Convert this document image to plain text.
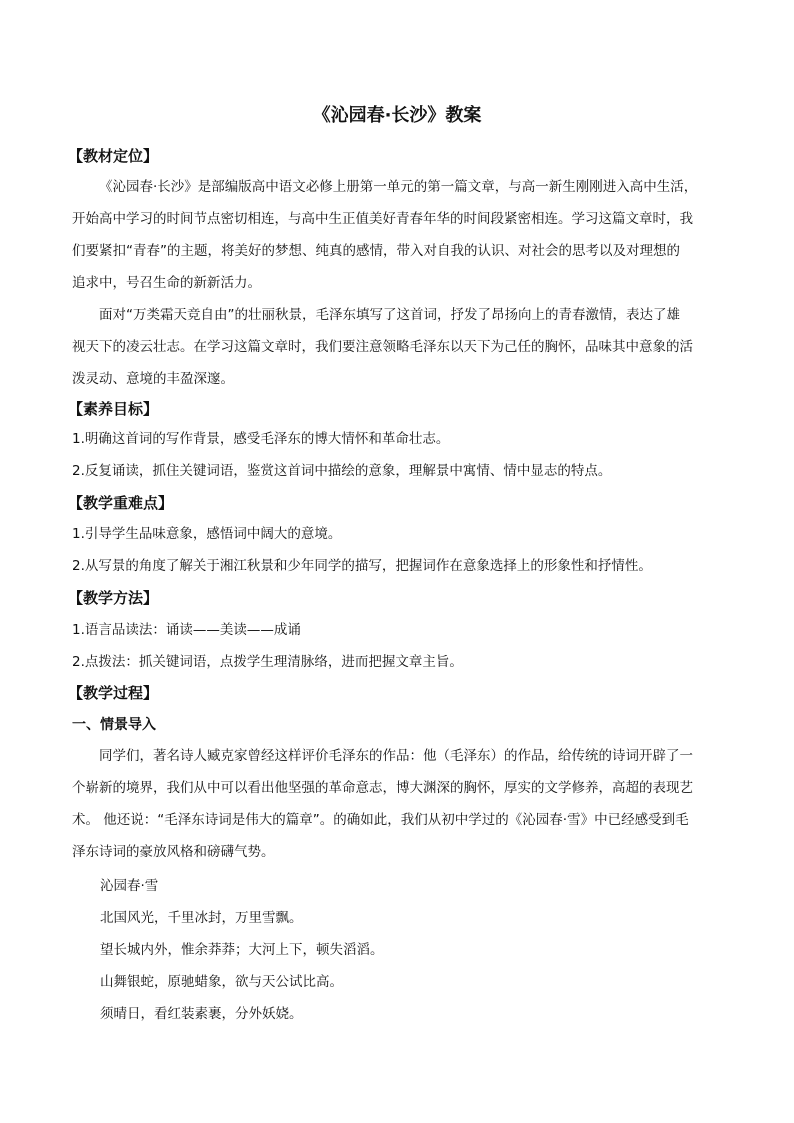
《沁园春·长沙》教案
【教材定位】
《沁园春·长沙》是部编版高中语文必修上册第一单元的第一篇文章，与高一新生刚刚进入高中生活，
开始高中学习的时间节点密切相连，与高中生正值美好青春年华的时间段紧密相连。学习这篇文章时，我
们要紧扣“青春”的主题，将美好的梦想、纯真的感情，带入对自我的认识、对社会的思考以及对理想的
追求中，号召生命的新新活力。
面对“万类霜天竞自由”的壮丽秋景，毛泽东填写了这首词，抒发了昂扬向上的青春激情，表达了雄
视天下的凌云壮志。在学习这篇文章时，我们要注意领略毛泽东以天下为己任的胸怀，品味其中意象的活
泼灵动、意境的丰盈深邃。
【素养目标】
1.明确这首词的写作背景，感受毛泽东的博大情怀和革命壮志。
2.反复诵读，抓住关键词语，鉴赏这首词中描绘的意象，理解景中寓情、情中显志的特点。
【教学重难点】
1.引导学生品味意象，感悟词中阔大的意境。
2.从写景的角度了解关于湘江秋景和少年同学的描写，把握词作在意象选择上的形象性和抒情性。
【教学方法】
1.语言品读法：诵读——美读——成诵
2.点拨法：抓关键词语，点拨学生理清脉络，进而把握文章主旨。
【教学过程】
一、情景导入
同学们，著名诗人臧克家曾经这样评价毛泽东的作品：他（毛泽东）的作品，给传统的诗词开辟了一
个崭新的境界，我们从中可以看出他坚强的革命意志，博大渊深的胸怀，厚实的文学修养，高超的表现艺
术。 他还说：“毛泽东诗词是伟大的篇章”。的确如此，我们从初中学过的《沁园春·雪》中已经感受到毛
泽东诗词的豪放风格和磅礴气势。
沁园春·雪
北国风光，千里冰封，万里雪飘。
望长城内外，惟余莽莽；大河上下，顿失滔滔。
山舞银蛇，原驰蜡象，欲与天公试比高。
须晴日，看红装素裹，分外妖娆。
